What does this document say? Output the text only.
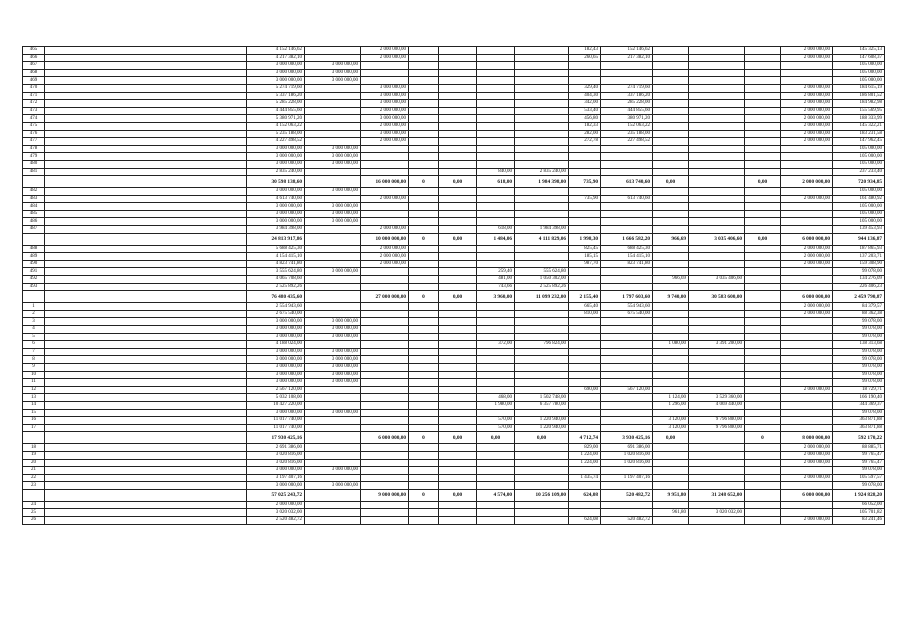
465		4 152 146,62		2 000 000,00					182,43	152 146,62				2 000 000,00	145 325,13
466		4 217 382,10		2 000 000,00					260,65	217 382,10				2 000 000,00	147 608,37
467		3 000 000,00	3 000 000,00												105 000,00
468		3 000 000,00	3 000 000,00												105 000,00
469		3 000 000,00	3 000 000,00												105 000,00
470		5 274 719,60		3 000 000,00					329,40	274 719,60				2 000 000,00	184 615,19
471		5 337 186,20		3 000 000,00					404,30	337 186,20				2 000 000,00	186 801,52
472		5 285 228,00		3 000 000,00					342,00	285 228,00				2 000 000,00	184 982,98
473		4 444 855,60		2 000 000,00					533,40	444 855,60				2 000 000,00	155 569,95
474		5 380 971,20		3 000 000,00					456,80	380 971,20				2 000 000,00	188 333,99
475		4 152 063,22		2 000 000,00					182,33	152 063,22				2 000 000,00	145 322,21
476		5 235 188,00		3 000 000,00					282,00	235 188,00				2 000 000,00	183 231,58
477		4 227 498,52		2 000 000,00					272,78	227 498,52				2 000 000,00	147 962,45
478		3 000 000,00	3 000 000,00												105 000,00
479		3 000 000,00	3 000 000,00												105 000,00
480		3 000 000,00	3 000 000,00												105 000,00
481		2 835 240,00					840,00	2 835 240,00							237 233,40
		30 598 138,60		16 000 000,00	0	0,00	618,00	1 984 398,00	735,90	613 740,60	0,00		0,00	2 000 000,00	720 934,85
482		3 000 000,00	3 000 000,00												105 000,00
483		4 613 740,60		2 000 000,00					735,90	613 740,60				2 000 000,00	161 480,92
484		3 000 000,00	3 000 000,00												105 000,00
485		3 000 000,00	3 000 000,00												105 000,00
486		3 000 000,00	3 000 000,00												105 000,00
487		3 984 398,00		2 000 000,00			618,00	1 984 398,00							139 453,93
		24 813 917,86		10 000 000,00	0	0,00	1 484,06	4 111 829,06	1 998,30	1 666 582,20	966,69	3 035 406,60	0,00	6 000 000,00	944 136,87
488		5 688 425,30		2 000 000,00					825,45	688 425,30				2 000 000,00	187 865,93
489		4 154 415,10		2 000 000,00					185,15	154 415,10				2 000 000,00	137 203,71
490		4 823 741,80		2 000 000,00					987,70	823 741,80				2 000 000,00	159 308,90
491		3 555 624,80	3 000 000,00				259,40	555 624,80							99 078,00
492		4 065 708,60					481,00	1 050 302,00			966,69	3 035 406,60			134 276,09
493		2 525 892,26					743,66	2 525 892,26							226 406,23
		76 480 435,60		27 000 000,00	0	0,00	3 960,00	11 099 232,00	2 155,40	1 797 603,60	9 740,00	30 583 600,00		6 000 000,00	2 459 790,87
1		2 554 943,60							665,40	554 943,60				2 000 000,00	84 379,57
2		2 675 540,00							810,00	675 540,00				2 000 000,00	88 362,38
3		3 000 000,00	3 000 000,00												99 078,00
4		3 000 000,00	3 000 000,00												99 078,00
5		3 000 000,00	3 000 000,00												99 078,00
6		4 188 024,00					372,00	796 824,00			1 080,00	3 391 200,00			138 313,68
7		3 000 000,00	3 000 000,00												99 078,00
8		3 000 000,00	3 000 000,00												99 078,00
9		3 000 000,00	3 000 000,00												99 078,00
10		3 000 000,00	3 000 000,00												99 078,00
11		3 000 000,00	3 000 000,00												99 078,00
12		2 567 120,00							690,00	567 120,00				2 000 000,00	18 729,71
13		5 032 108,00					468,00	1 502 748,00			1 124,00	3 529 360,00			166 190,40
14		10 427 220,00					1 980,00	6 357 780,00			1 296,00	4 069 440,00			344 369,37
15		3 000 000,00	3 000 000,00												99 078,00
16		11 017 740,00					570,00	1 220 940,00			3 120,00	9 796 800,00			363 871,88
17		11 017 740,00					570,00	1 220 940,00			3 120,00	9 796 800,00			363 871,88
		17 930 425,16		6 000 000,00	0	0,00	0,00	0,00	4 712,74	3 930 425,16	0,00		0	8 000 000,00	592 170,22
18		2 691 386,00							829,00	691 386,00				2 000 000,00	88 885,71
19		3 020 816,00							1 224,00	1 020 816,00				2 000 000,00	99 765,47
20		3 020 816,00							1 224,00	1 020 816,00				2 000 000,00	99 765,47
21		3 000 000,00	3 000 000,00												99 078,00
22		3 197 407,16							1 435,74	1 197 407,16				2 000 000,00	105 597,57
23		3 000 000,00	3 000 000,00												99 078,00
		57 025 243,72		9 000 000,00	0	0,00	4 574,00	10 256 109,00	624,08	520 482,72	9 951,80	31 248 652,00		6 000 000,00	1 924 828,20
24		2 000 000,00													66 052,00
25		3 020 032,00									961,80	3 020 032,00			105 701,82
26		2 520 482,72							624,08	520 482,72				2 000 000,00	83 241,46
